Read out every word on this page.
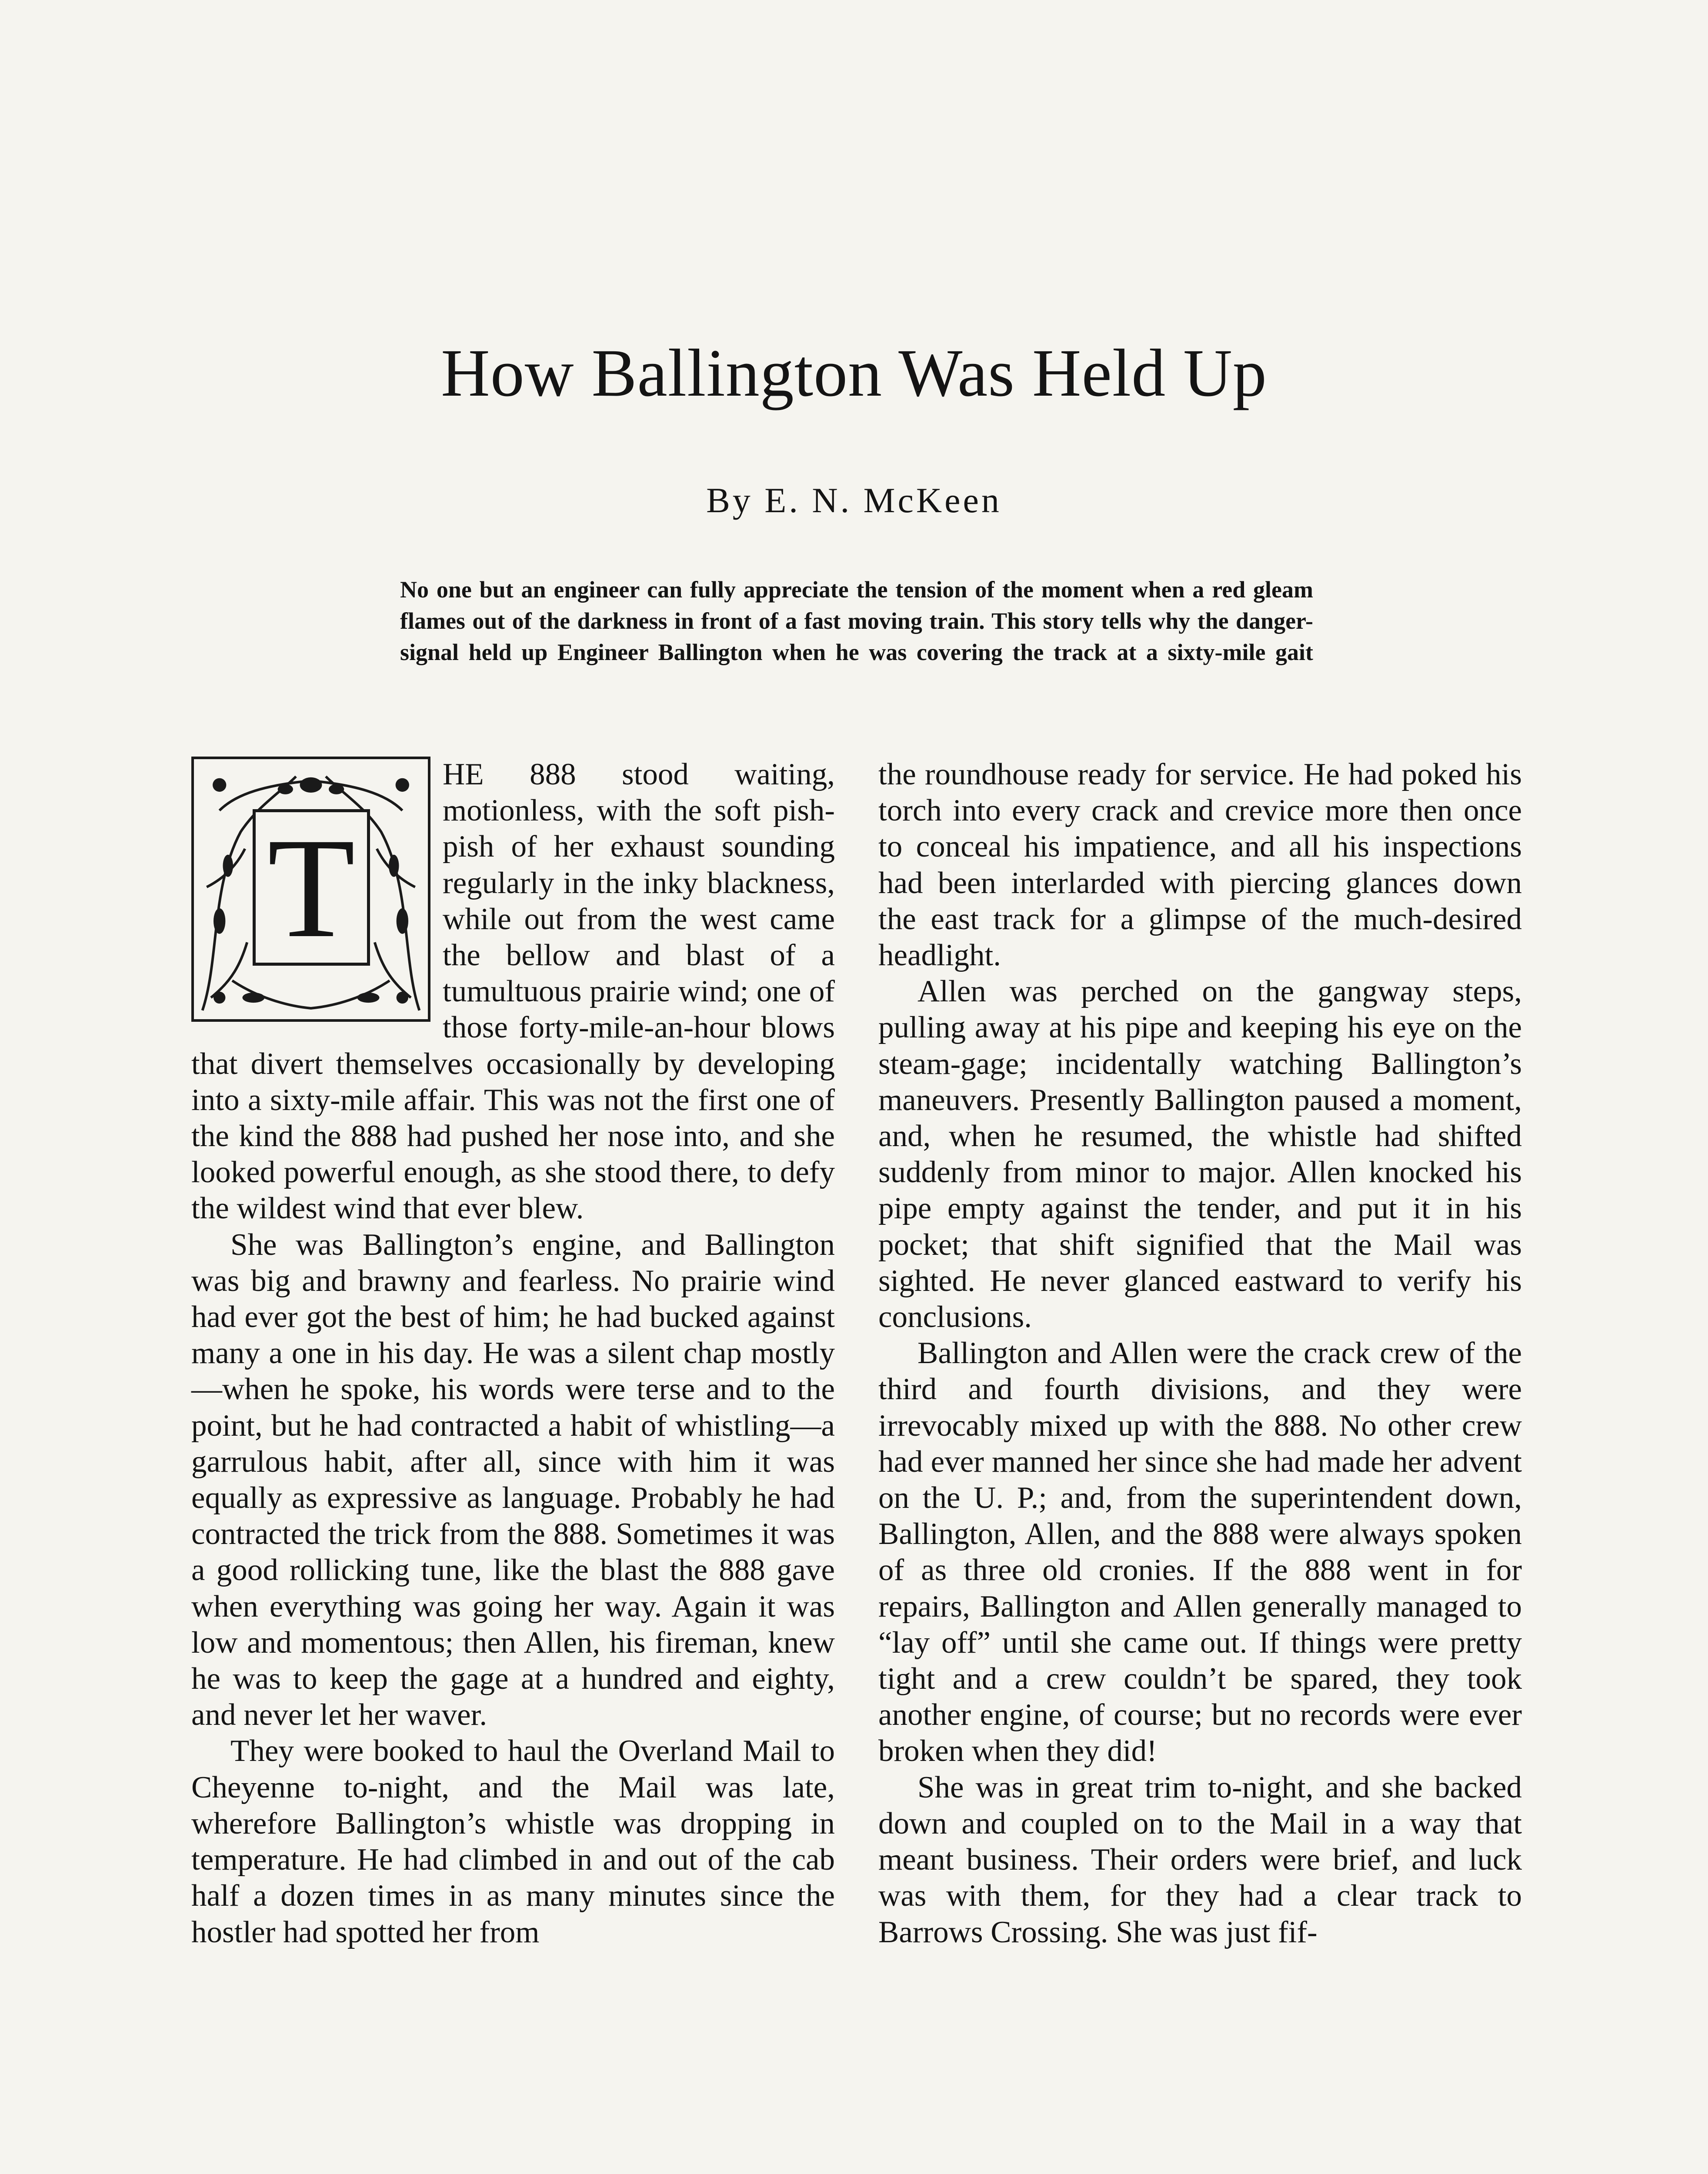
How Ballington Was Held Up
By E. N. McKeen
No one but an engineer can fully appreciate the tension of the moment when a red gleam flames out of the darkness in front of a fast moving train. This story tells why the danger-signal held up Engineer Ballington when he was covering the track at a sixty-mile gait
T

HE 888 stood waiting, motionless, with the soft pish-pish of her exhaust sounding regularly in the inky blackness, while out from the west came the bellow and blast of a tumultuous prairie wind; one of those forty-mile-an-hour blows that divert themselves occasionally by developing into a sixty-mile affair. This was not the first one of the kind the 888 had pushed her nose into, and she looked powerful enough, as she stood there, to defy the wildest wind that ever blew.

She was Ballington’s engine, and Ballington was big and brawny and fearless. No prairie wind had ever got the best of him; he had bucked against many a one in his day. He was a silent chap mostly—when he spoke, his words were terse and to the point, but he had contracted a habit of whistling—a garrulous habit, after all, since with him it was equally as expressive as language. Probably he had contracted the trick from the 888. Sometimes it was a good rollicking tune, like the blast the 888 gave when everything was going her way. Again it was low and momentous; then Allen, his fireman, knew he was to keep the gage at a hundred and eighty, and never let her waver.

They were booked to haul the Overland Mail to Cheyenne to-night, and the Mail was late, wherefore Ballington’s whistle was dropping in temperature. He had climbed in and out of the cab half a dozen times in as many minutes since the hostler had spotted her from

the roundhouse ready for service. He had poked his torch into every crack and crevice more then once to conceal his impatience, and all his inspections had been interlarded with piercing glances down the east track for a glimpse of the much-desired headlight.

Allen was perched on the gangway steps, pulling away at his pipe and keeping his eye on the steam-gage; incidentally watching Ballington’s maneuvers. Presently Ballington paused a moment, and, when he resumed, the whistle had shifted suddenly from minor to major. Allen knocked his pipe empty against the tender, and put it in his pocket; that shift signified that the Mail was sighted. He never glanced eastward to verify his conclusions.

Ballington and Allen were the crack crew of the third and fourth divisions, and they were irrevocably mixed up with the 888. No other crew had ever manned her since she had made her advent on the U. P.; and, from the superintendent down, Ballington, Allen, and the 888 were always spoken of as three old cronies. If the 888 went in for repairs, Ballington and Allen generally managed to “lay off” until she came out. If things were pretty tight and a crew couldn’t be spared, they took another engine, of course; but no records were ever broken when they did!

She was in great trim to-night, and she backed down and coupled on to the Mail in a way that meant business. Their orders were brief, and luck was with them, for they had a clear track to Barrows Crossing. She was just fif-
